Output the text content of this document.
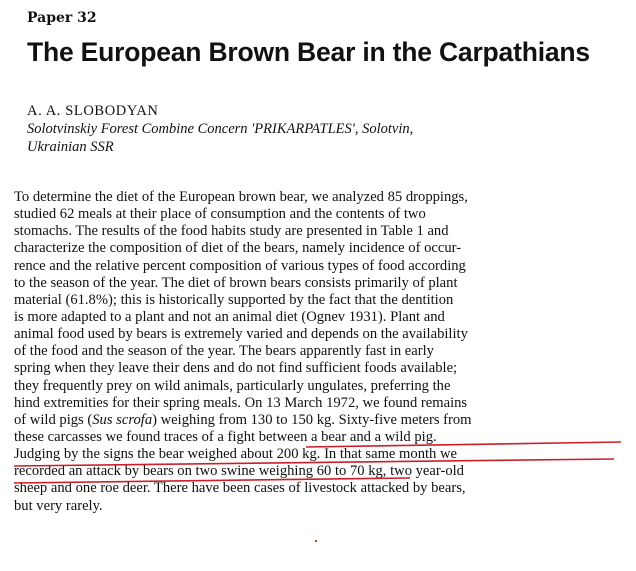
Paper 32
The European Brown Bear in the Carpathians
A. A. SLOBODYAN
Solotvinskiy Forest Combine Concern 'PRIKARPATLES', Solotvin,
Ukrainian SSR
To determine the diet of the European brown bear, we analyzed 85 droppings,
studied 62 meals at their place of consumption and the contents of two
stomachs. The results of the food habits study are presented in Table 1 and
characterize the composition of diet of the bears, namely incidence of occur-
rence and the relative percent composition of various types of food according
to the season of the year. The diet of brown bears consists primarily of plant
material (61.8%); this is historically supported by the fact that the dentition
is more adapted to a plant and not an animal diet (Ognev 1931). Plant and
animal food used by bears is extremely varied and depends on the availability
of the food and the season of the year. The bears apparently fast in early
spring when they leave their dens and do not find sufficient foods available;
they frequently prey on wild animals, particularly ungulates, preferring the
hind extremities for their spring meals. On 13 March 1972, we found remains
of wild pigs (Sus scrofa) weighing from 130 to 150 kg. Sixty-five meters from
these carcasses we found traces of a fight between a bear and a wild pig.
Judging by the signs the bear weighed about 200 kg. In that same month we
recorded an attack by bears on two swine weighing 60 to 70 kg, two year-old
sheep and one roe deer. There have been cases of livestock attacked by bears,
but very rarely.
